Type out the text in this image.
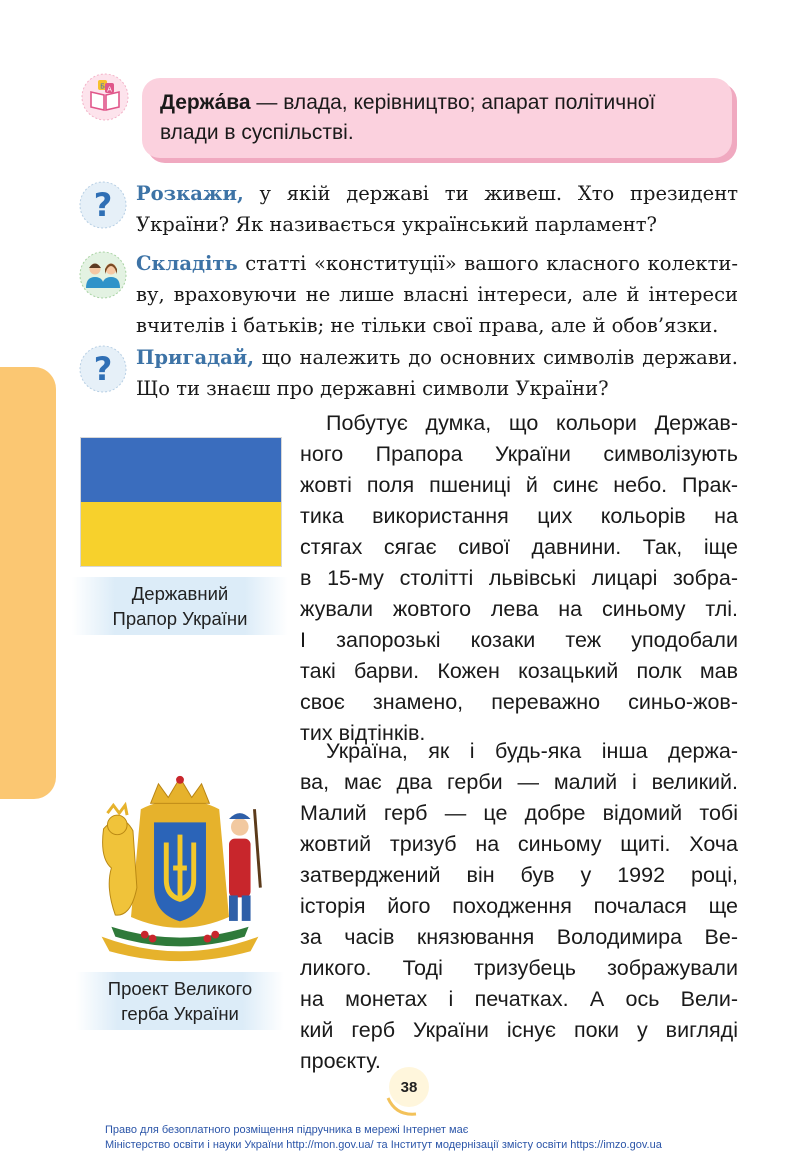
Б А
Держа́ва — влада, керівництво; апарат політичної
влади в суспільстві.
? Розкажи, у якій державі ти живеш. Хто президент
України? Як називається український парламент?
Складіть статті «конституції» вашого класного колекти-
ву, враховуючи не лише власні інтереси, але й інтереси
вчителів і батьків; не тільки свої права, але й обов’язки.
? Пригадай, що належить до основних символів держави.
Що ти знаєш про державні символи України?
Державний
Прапор України
Проект Великого
герба України
Побутує думка, що кольори Держав-
ного Прапора України символізують
жовті поля пшениці й синє небо. Прак-
тика використання цих кольорів на
стягах сягає сивої давнини. Так, іще
в 15-му столітті львівські лицарі зобра-
жували жовтого лева на синьому тлі.
І запорозькі козаки теж уподобали
такі барви. Кожен козацький полк мав
своє знамено, переважно синьо-жов-
тих відтінків.
Україна, як і будь-яка інша держа-
ва, має два герби — малий і великий.
Малий герб — це добре відомий тобі
жовтий тризуб на синьому щиті. Хоча
затверджений він був у 1992 році,
історія його походження почалася ще
за часів князювання Володимира Ве-
ликого. Тоді тризубець зображували
на монетах і печатках. А ось Вели-
кий герб України існує поки у вигляді
проєкту.
38
Право для безоплатного розміщення підручника в мережі Інтернет має
Міністерство освіти і науки України http://mon.gov.ua/ та Інститут модернізації змісту освіти https://imzo.gov.ua
